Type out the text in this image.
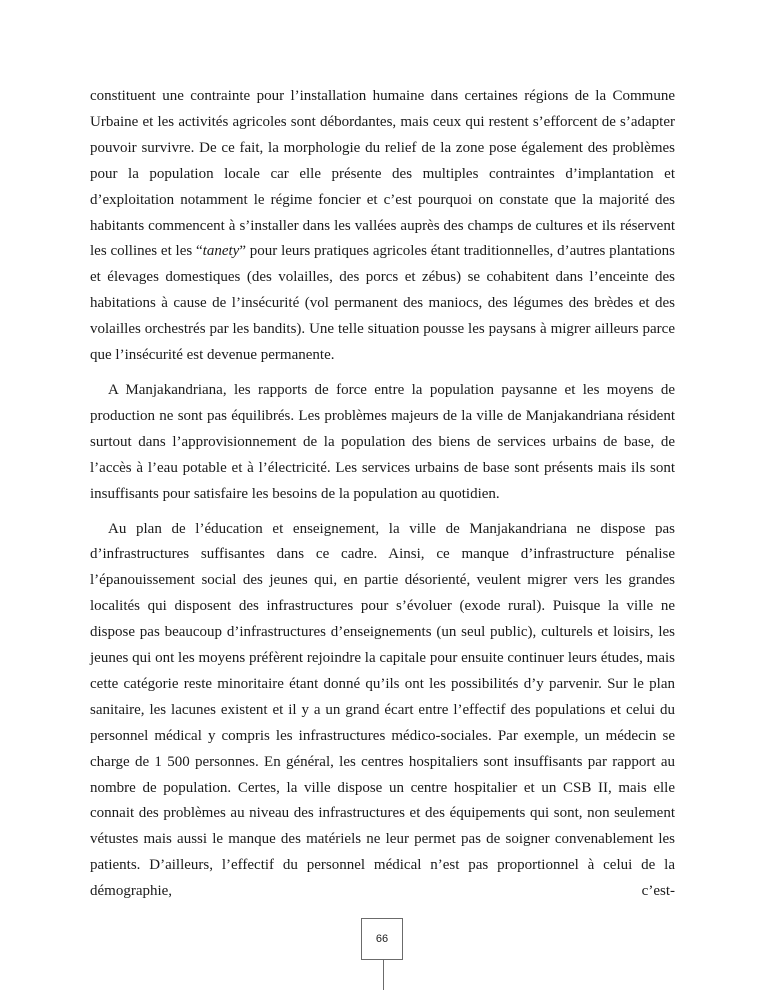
constituent une contrainte pour l’installation humaine dans certaines régions de la Commune Urbaine et les activités agricoles sont débordantes, mais ceux qui restent s’efforcent de s’adapter pouvoir survivre. De ce fait, la morphologie du relief de la zone pose également des problèmes pour la population locale car elle présente des multiples contraintes d’implantation et d’exploitation notamment le régime foncier et c’est pourquoi on constate que la majorité des habitants commencent à s’installer dans les vallées auprès des champs de cultures et ils réservent les collines et les “tanety” pour leurs pratiques agricoles étant traditionnelles, d’autres plantations et élevages domestiques (des volailles, des porcs et zébus) se cohabitent dans l’enceinte des habitations à cause de l’insécurité (vol permanent des maniocs, des légumes des brèdes et des volailles orchestrés par les bandits). Une telle situation pousse les paysans à migrer ailleurs parce que l’insécurité est devenue permanente.

A Manjakandriana, les rapports de force entre la population paysanne et les moyens de production ne sont pas équilibrés. Les problèmes majeurs de la ville de Manjakandriana résident surtout dans l’approvisionnement de la population des biens de services urbains de base, de l’accès à l’eau potable et à l’électricité. Les services urbains de base sont présents mais ils sont insuffisants pour satisfaire les besoins de la population au quotidien.

Au plan de l’éducation et enseignement, la ville de Manjakandriana ne dispose pas d’infrastructures suffisantes dans ce cadre. Ainsi, ce manque d’infrastructure pénalise l’épanouissement social des jeunes qui, en partie désorienté, veulent migrer vers les grandes localités qui disposent des infrastructures pour s’évoluer (exode rural). Puisque la ville ne dispose pas beaucoup d’infrastructures d’enseignements (un seul public), culturels et loisirs, les jeunes qui ont les moyens préfèrent rejoindre la capitale pour ensuite continuer leurs études, mais cette catégorie reste minoritaire étant donné qu’ils ont les possibilités d’y parvenir. Sur le plan sanitaire, les lacunes existent et il y a un grand écart entre l’effectif des populations et celui du personnel médical y compris les infrastructures médico-sociales. Par exemple, un médecin se charge de 1 500 personnes. En général, les centres hospitaliers sont insuffisants par rapport au nombre de population. Certes, la ville dispose un centre hospitalier et un CSB II, mais elle connait des problèmes au niveau des infrastructures et des équipements qui sont, non seulement vétustes mais aussi le manque des matériels ne leur permet pas de soigner convenablement les patients. D’ailleurs, l’effectif du personnel médical n’est pas proportionnel à celui de la démographie, c’est-

66
